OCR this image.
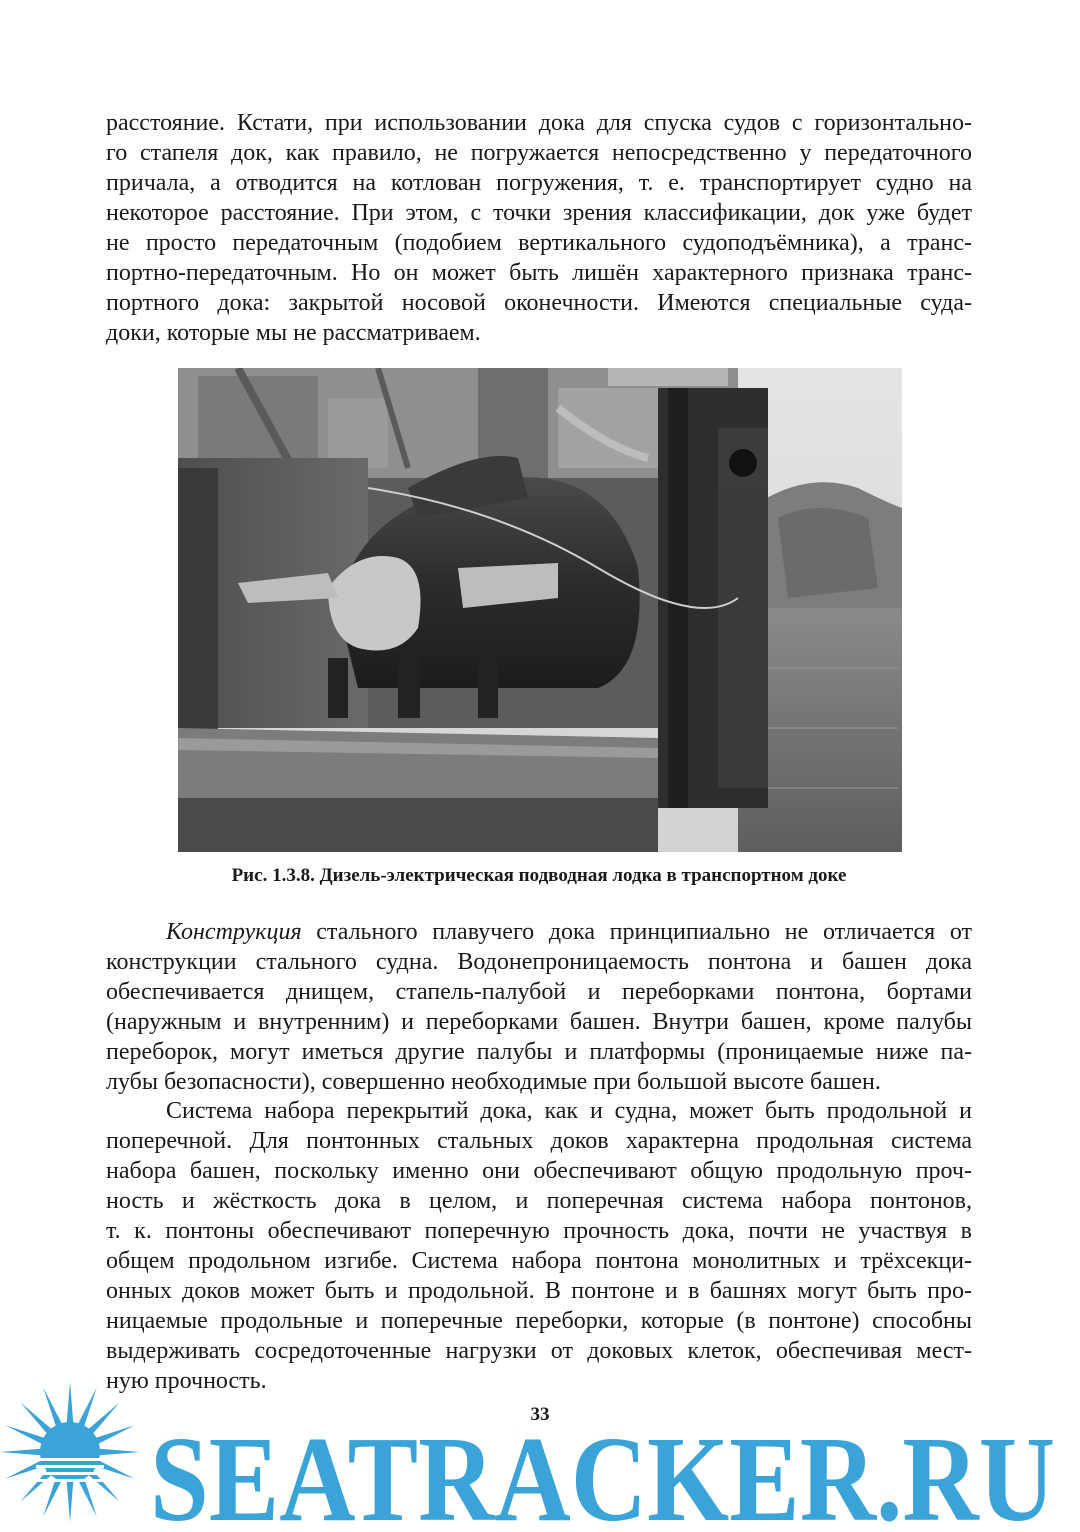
расстояние. Кстати, при использовании дока для спуска судов с горизонтально-
го стапеля док, как правило, не погружается непосредственно у передаточного
причала, а отводится на котлован погружения, т. е. транспортирует судно на
некоторое расстояние. При этом, с точки зрения классификации, док уже будет
не просто передаточным (подобием вертикального судоподъёмника), а транс-
портно-передаточным. Но он может быть лишён характерного признака транс-
портного дока: закрытой носовой оконечности. Имеются специальные суда-
доки, которые мы не рассматриваем.
Рис. 1.3.8. Дизель-электрическая подводная лодка в транспортном доке
Конструкция стального плавучего дока принципиально не отличается от
конструкции стального судна. Водонепроницаемость понтона и башен дока
обеспечивается днищем, стапель-палубой и переборками понтона, бортами
(наружным и внутренним) и переборками башен. Внутри башен, кроме палубы
переборок, могут иметься другие палубы и платформы (проницаемые ниже па-
лубы безопасности), совершенно необходимые при большой высоте башен.
Система набора перекрытий дока, как и судна, может быть продольной и
поперечной. Для понтонных стальных доков характерна продольная система
набора башен, поскольку именно они обеспечивают общую продольную проч-
ность и жёсткость дока в целом, и поперечная система набора понтонов,
т. к. понтоны обеспечивают поперечную прочность дока, почти не участвуя в
общем продольном изгибе. Система набора понтона монолитных и трёхсекци-
онных доков может быть и продольной. В понтоне и в башнях могут быть про-
ницаемые продольные и поперечные переборки, которые (в понтоне) способны
выдерживать сосредоточенные нагрузки от доковых клеток, обеспечивая мест-
ную прочность.
SEATRACKER.RU
33
